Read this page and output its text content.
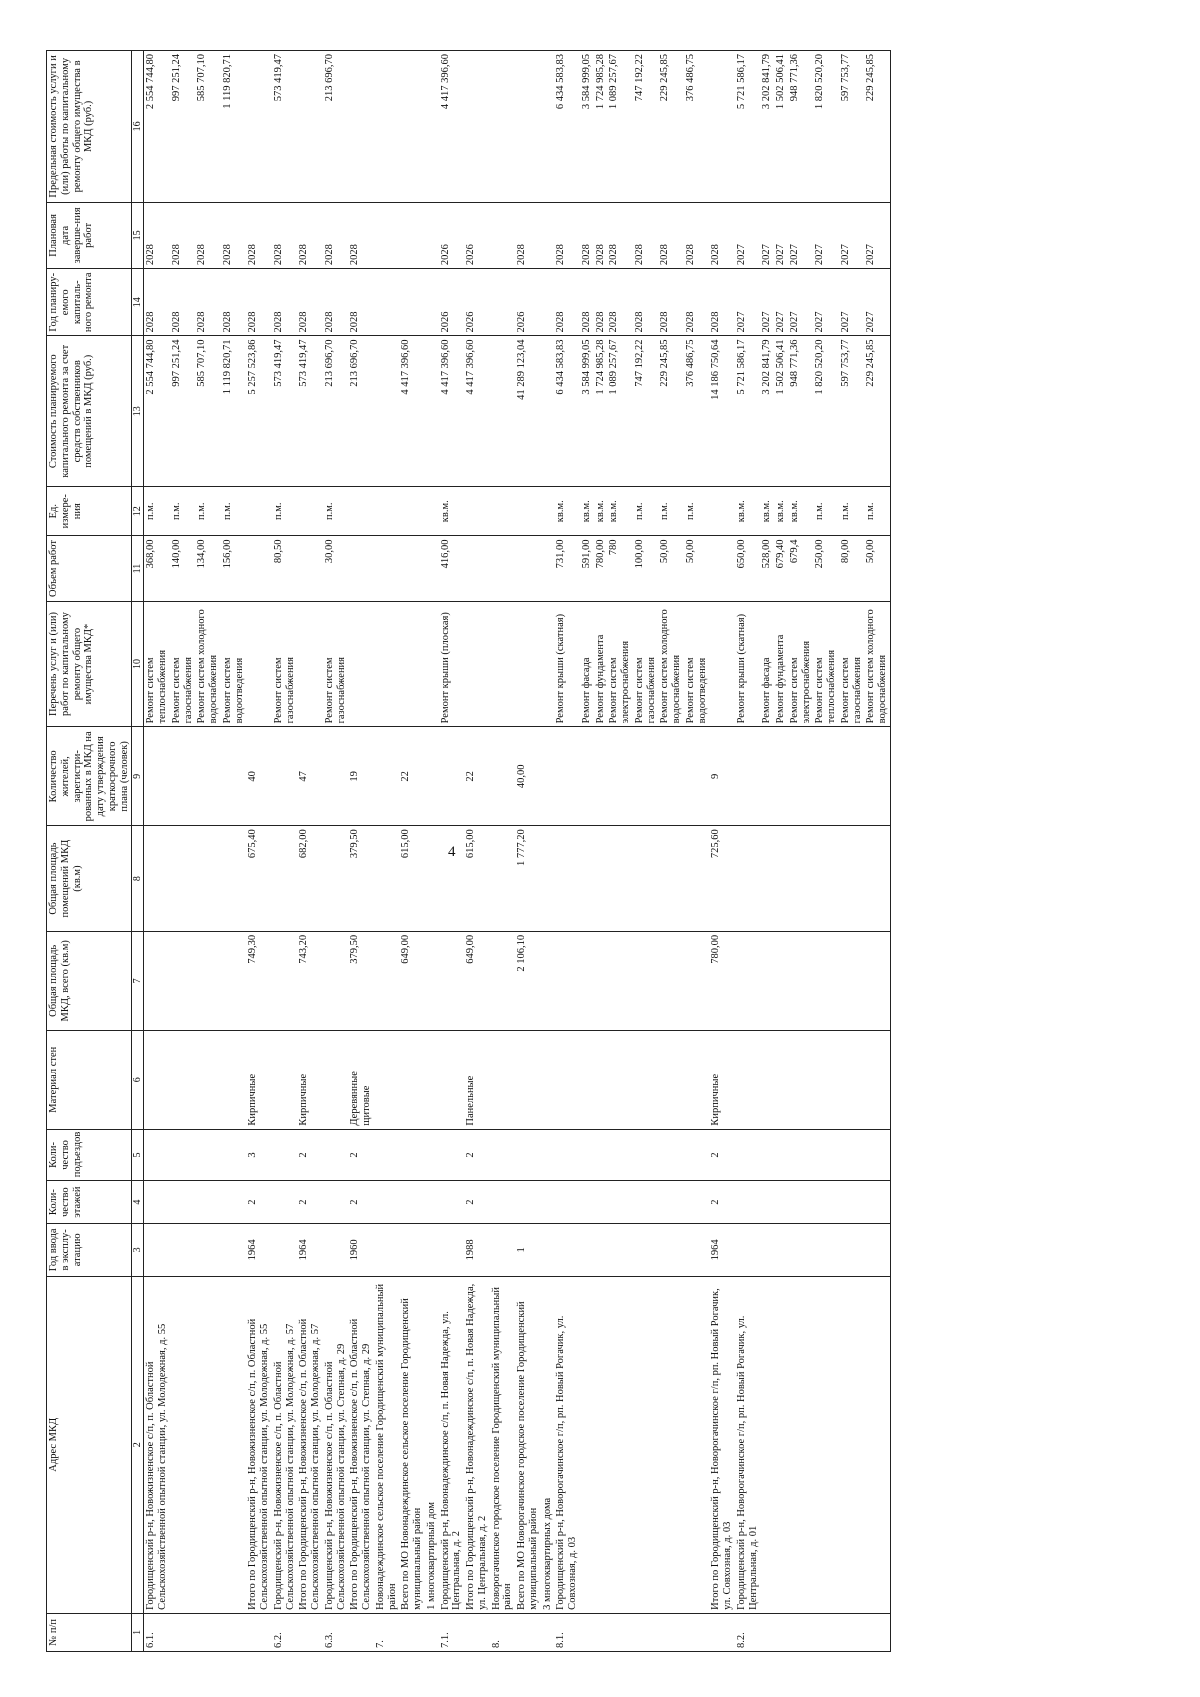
4
№ п/п	Адрес МКД	Год ввода в эксплу-атацию	Коли-чество этажей	Коли-чество подъездов	Материал стен	Общая площадь МКД, всего (кв.м)	Общая площадь помещений МКД (кв.м)	Количество жителей, зарегистри-рованных в МКД на дату утверждения краткосрочного плана (человек)	Перечень услуг и (или) работ по капитальному ремонту общего имущества МКД*	Объем работ	Ед. измере-ния	Стоимость планируемого капитального ремонта за счет средств собственников помещений в МКД (руб.)	Год планиру-емого капиталь-ного ремонта	Плановая дата заверше-ния работ	Предельная стоимость услуги и (или) работы по капитальному ремонту общего имущества в МКД (руб.)
1	2	3	4	5	6	7	8	9	10	11	12	13	14	15	16
6.1.	Городищенский р-н, Новожизненское с/п, п. Областной Сельскохозяйственной опытной станции, ул. Молодежная, д. 55								Ремонт систем теплоснабжения	368,00	п.м.	2 554 744,80	2028	2028	2 554 744,80
									Ремонт систем газоснабжения	140,00	п.м.	997 251,24	2028	2028	997 251,24
									Ремонт систем холодного водоснабжения	134,00	п.м.	585 707,10	2028	2028	585 707,10
									Ремонт систем водоотведения	156,00	п.м.	1 119 820,71	2028	2028	1 119 820,71
	Итого по Городищенский р-н, Новожизненское с/п, п. Областной Сельскохозяйственной опытной станции, ул. Молодежная, д. 55	1964	2	3	Кирпичные	749,30	675,40	40				5 257 523,86	2028	2028	
6.2.	Городищенский р-н, Новожизненское с/п, п. Областной Сельскохозяйственной опытной станции, ул. Молодежная, д. 57								Ремонт систем газоснабжения	80,50	п.м.	573 419,47	2028	2028	573 419,47
	Итого по Городищенский р-н, Новожизненское с/п, п. Областной Сельскохозяйственной опытной станции, ул. Молодежная, д. 57	1964	2	2	Кирпичные	743,20	682,00	47				573 419,47	2028	2028	
6.3.	Городищенский р-н, Новожизненское с/п, п. Областной Сельскохозяйственной опытной станции, ул. Степная, д. 29								Ремонт систем газоснабжения	30,00	п.м.	213 696,70	2028	2028	213 696,70
	Итого по Городищенский р-н, Новожизненское с/п, п. Областной Сельскохозяйственной опытной станции, ул. Степная, д. 29	1960	2	2	Деревянные щитовые	379,50	379,50	19				213 696,70	2028	2028	
7.	Новонадеждинское сельское поселение Городищенский муниципальный район														
	Всего по МО Новонадеждинское сельское поселение Городищенский муниципальный район					649,00	615,00	22				4 417 396,60			
	1 многоквартирный дом														
7.1.	Городищенский р-н, Новонадеждинское с/п, п. Новая Надежда, ул. Центральная, д. 2								Ремонт крыши (плоская)	416,00	кв.м.	4 417 396,60	2026	2026	4 417 396,60
	Итого по Городищенский р-н, Новонадеждинское с/п, п. Новая Надежда, ул. Центральная, д. 2	1988	2	2	Панельные	649,00	615,00	22				4 417 396,60	2026	2026	
8.	Новорогачинское городское поселение Городищенский муниципальный район														
	Всего по МО Новорогачинское городское поселение Городищенский муниципальный район	1				2 106,10	1 777,20	40,00				41 289 123,04	2026	2028	
	3 многоквартирных дома														
8.1.	Городищенский р-н, Новорогачинское г/п, рп. Новый Рогачик, ул. Совхозная, д. 03								Ремонт крыши (скатная)	731,00	кв.м.	6 434 583,83	2028	2028	6 434 583,83
									Ремонт фасада	591,00	кв.м.	3 584 999,05	2028	2028	3 584 999,05
									Ремонт фундамента	780,00	кв.м.	1 724 985,28	2028	2028	1 724 985,28
									Ремонт систем электроснабжения	780	кв.м.	1 089 257,67	2028	2028	1 089 257,67
									Ремонт систем газоснабжения	100,00	п.м.	747 192,22	2028	2028	747 192,22
									Ремонт систем холодного водоснабжения	50,00	п.м.	229 245,85	2028	2028	229 245,85
									Ремонт систем водоотведения	50,00	п.м.	376 486,75	2028	2028	376 486,75
	Итого по Городищенский р-н, Новорогачинское г/п, рп. Новый Рогачик, ул. Совхозная, д. 03	1964	2	2	Кирпичные	780,00	725,60	9				14 186 750,64	2028	2028	
8.2.	Городищенский р-н, Новорогачинское г/п, рп. Новый Рогачик, ул. Центральная, д. 01								Ремонт крыши (скатная)	650,00	кв.м.	5 721 586,17	2027	2027	5 721 586,17
									Ремонт фасада	528,00	кв.м.	3 202 841,79	2027	2027	3 202 841,79
									Ремонт фундамента	679,40	кв.м.	1 502 506,41	2027	2027	1 502 506,41
									Ремонт систем электроснабжения	679,4	кв.м.	948 771,36	2027	2027	948 771,36
									Ремонт систем теплоснабжения	250,00	п.м.	1 820 520,20	2027	2027	1 820 520,20
									Ремонт систем газоснабжения	80,00	п.м.	597 753,77	2027	2027	597 753,77
									Ремонт систем холодного водоснабжения	50,00	п.м.	229 245,85	2027	2027	229 245,85
